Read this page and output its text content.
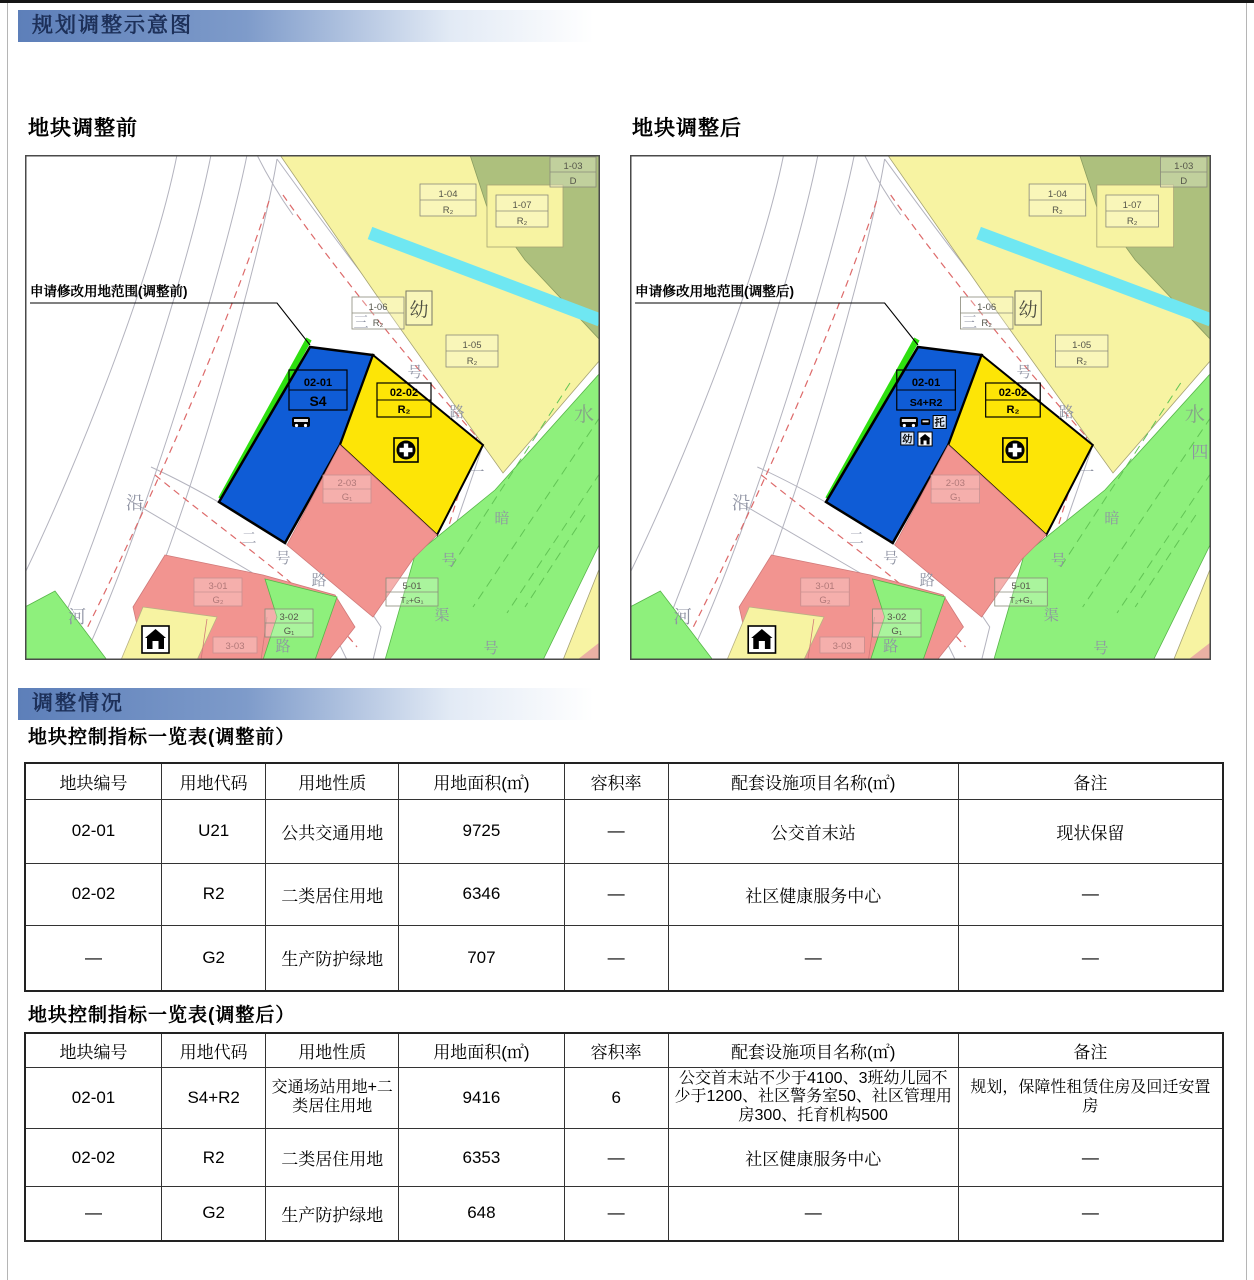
规划调整示意图
地块调整前	地块调整后
申请修改用地范围(调整前)
02-01
S4
申请修改用地范围(调整后)
02-01
S4+R2
托
幼
四
调整情况
地块控制指标一览表(调整前）
地块编号	用地代码	用地性质	用地面积(㎡)	容积率	配套设施项目名称(㎡)	备注
02-01	U21	公共交通用地	9725	—	公交首末站	现状保留
02-02	R2	二类居住用地	6346	—	社区健康服务中心	—
—	G2	生产防护绿地	707	—	—	—
地块控制指标一览表(调整后）
地块编号	用地代码	用地性质	用地面积(㎡)	容积率	配套设施项目名称(㎡)	备注
02-01	S4+R2	交通场站用地+二类居住用地	9416	6	公交首末站不少于4100、3班幼儿园不少于1200、社区警务室50、社区管理用房300、托育机构500	规划，保障性租赁住房及回迁安置房
02-02	R2	二类居住用地	6353	—	社区健康服务中心	—
—	G2	生产防护绿地	648	—	—	—
